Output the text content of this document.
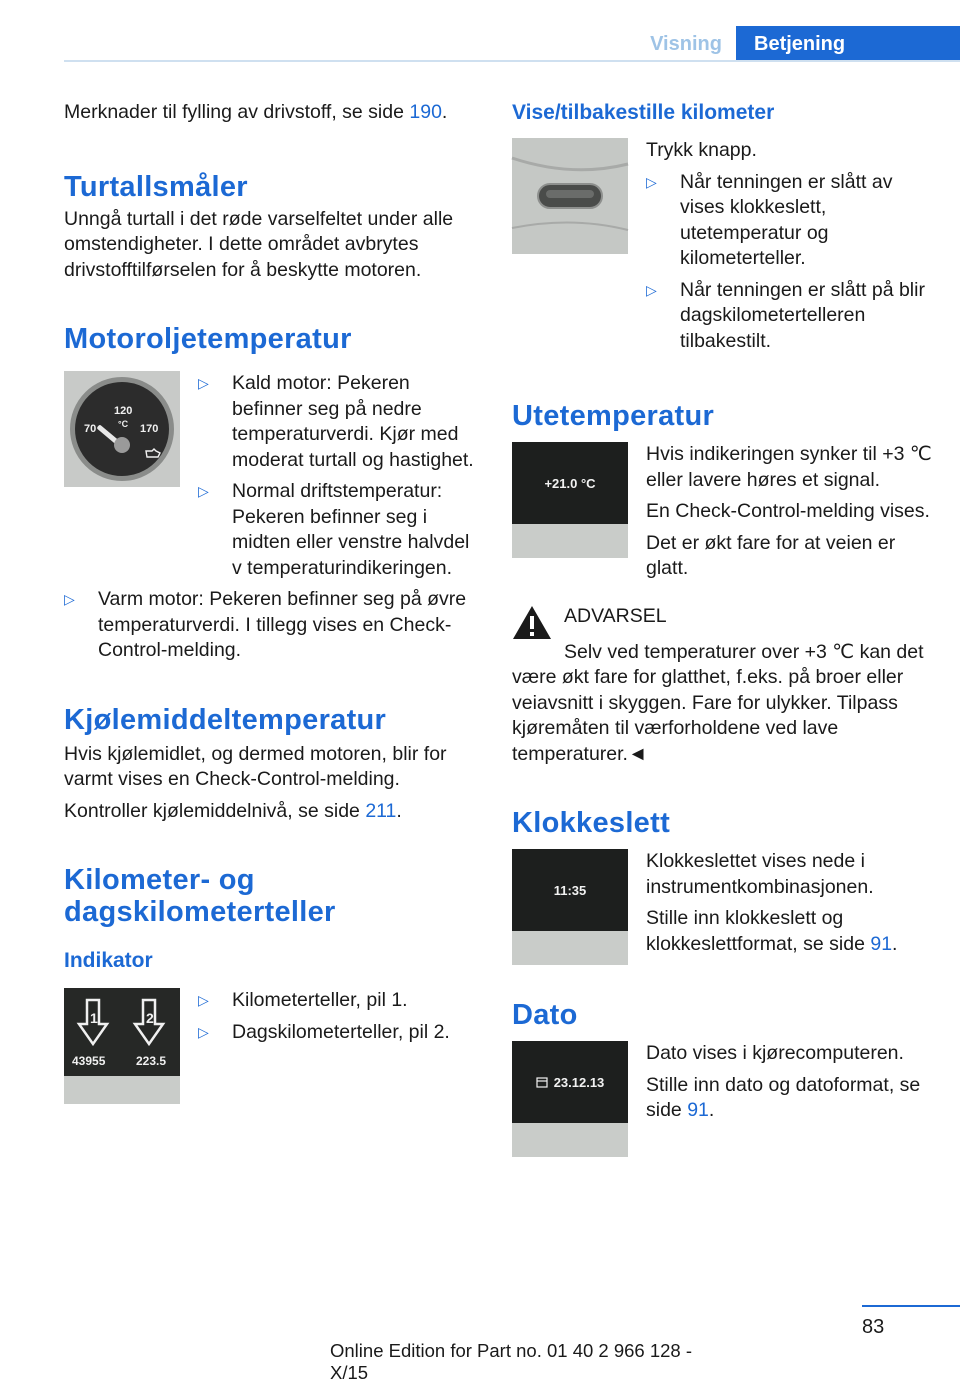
Visning	Betjening

Merknader til fylling av drivstoff, se side 190.

Turtallsmåler

Unngå turtall i det røde varselfeltet under alle omstendigheter. I dette området avbrytes drivstofftilførselen for å beskytte motoren.

Motoroljetemperatur
70
120
°C 170
▷	Kald motor: Pekeren befinner seg på nedre temperaturverdi. Kjør med moderat turtall og hastighet.
▷	Normal driftstemperatur: Pekeren befinner seg i midten eller venstre halvdel v temperaturindikeringen.
▷	Varm motor: Pekeren befinner seg på øvre temperaturverdi. I tillegg vises en Check-Control-melding.
Kjølemiddeltemperatur

Hvis kjølemidlet, og dermed motoren, blir for varmt vises en Check-Control-melding.

Kontroller kjølemiddelnivå, se side 211.

Kilometer- og
dagskilometerteller
Indikator
1	2
43955	223.5
▷	Kilometerteller, pil 1.
▷	Dagskilometerteller, pil 2.
Vise/tilbakestille kilometer

Trykk knapp.

▷	Når tenningen er slått av vises klokkeslett, utetemperatur og kilometerteller.
▷	Når tenningen er slått på blir dagskilometertelleren tilbakestilt.
Utetemperatur
+21.0 °C

Hvis indikeringen synker til +3 ℃ eller lavere høres et signal.

En Check-Control-melding vises.

Det er økt fare for at veien er glatt.

ADVARSEL

Selv ved temperaturer over +3 ℃ kan det være økt fare for glatthet, f.eks. på broer eller veiavsnitt i skyggen. Fare for ulykker. Tilpass kjøremåten til værforholdene ved lave temperaturer.◄

Klokkeslett
11:35

Klokkeslettet vises nede i instrumentkombinasjonen.

Stille inn klokkeslett og klokkeslettformat, se side 91.

Dato
23.12.13

Dato vises i kjørecomputeren.

Stille inn dato og datoformat, se side 91.

83
Online Edition for Part no. 01 40 2 966 128 - X/15
